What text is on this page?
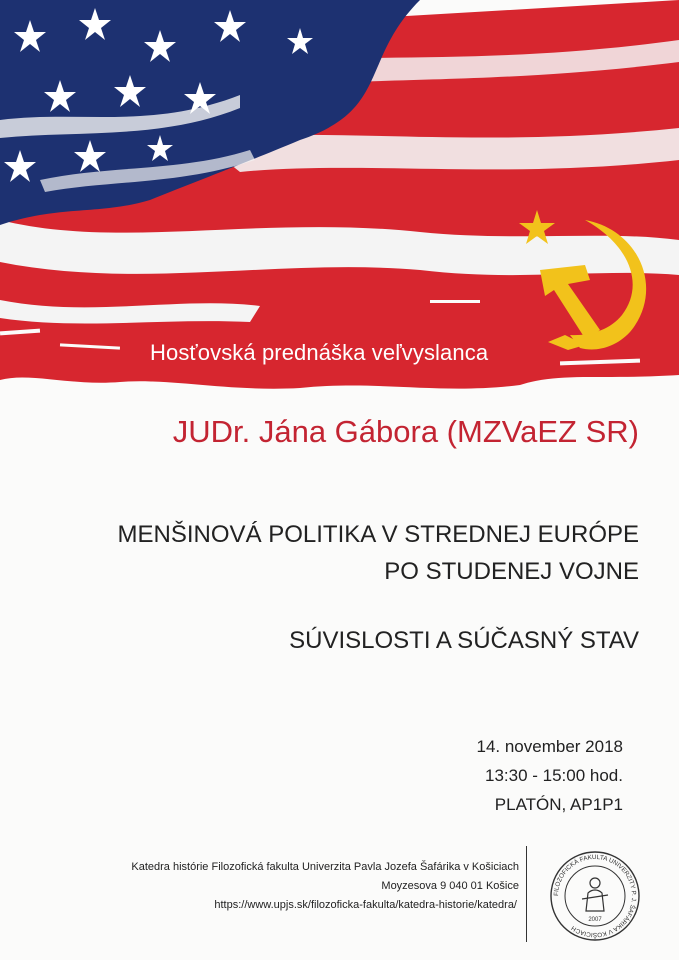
Hosťovská prednáška veľvyslanca

JUDr. Jána Gábora (MZVaEZ SR)

MENŠINOVÁ POLITIKA V STREDNEJ EURÓPE

PO STUDENEJ VOJNE

SÚVISLOSTI A SÚČASNÝ STAV

14. november 2018

13:30 - 15:00 hod.

PLATÓN, AP1P1

Katedra histórie Filozofická fakulta Univerzita Pavla Jozefa Šafárika v Košiciach

Moyzesova 9 040 01 Košice

https://www.upjs.sk/filozoficka-fakulta/katedra-historie/katedra/

FILOZOFICKÁ FAKULTA UNIVERZITY P. J. ŠAFÁRIKA V KOŠICIACH
2007
